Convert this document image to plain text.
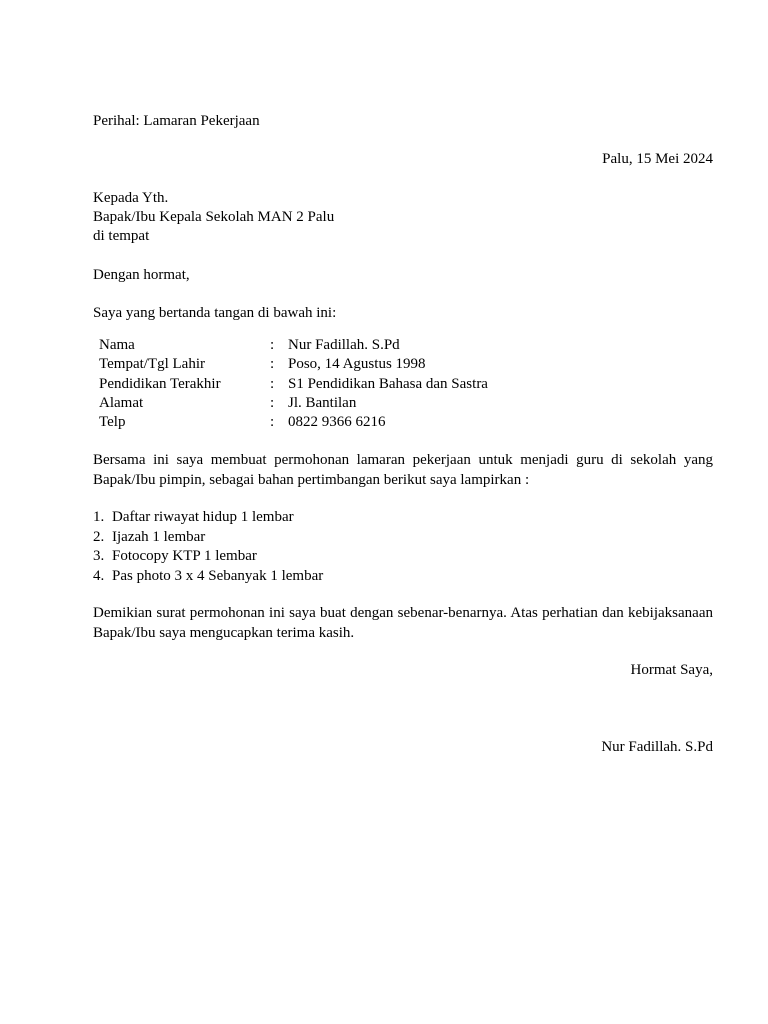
Perihal: Lamaran Pekerjaan
Palu, 15 Mei 2024
Kepada Yth.
Bapak/Ibu Kepala Sekolah MAN 2 Palu
di tempat
Dengan hormat,
Saya yang bertanda tangan di bawah ini:
Nama	: Nur Fadillah. S.Pd
Tempat/Tgl Lahir	: Poso, 14 Agustus 1998
Pendidikan Terakhir	: S1 Pendidikan Bahasa dan Sastra
Alamat	: Jl. Bantilan
Telp	: 0822 9366 6216
Bersama ini saya membuat permohonan lamaran pekerjaan untuk menjadi guru di sekolah yang Bapak/Ibu pimpin, sebagai bahan pertimbangan berikut saya lampirkan :
1. Daftar riwayat hidup 1 lembar
2. Ijazah 1 lembar
3. Fotocopy KTP 1 lembar
4. Pas photo 3 x 4 Sebanyak 1 lembar
Demikian surat permohonan ini saya buat dengan sebenar-benarnya. Atas perhatian dan kebijaksanaan Bapak/Ibu saya mengucapkan terima kasih.
Hormat Saya,
Nur Fadillah. S.Pd
